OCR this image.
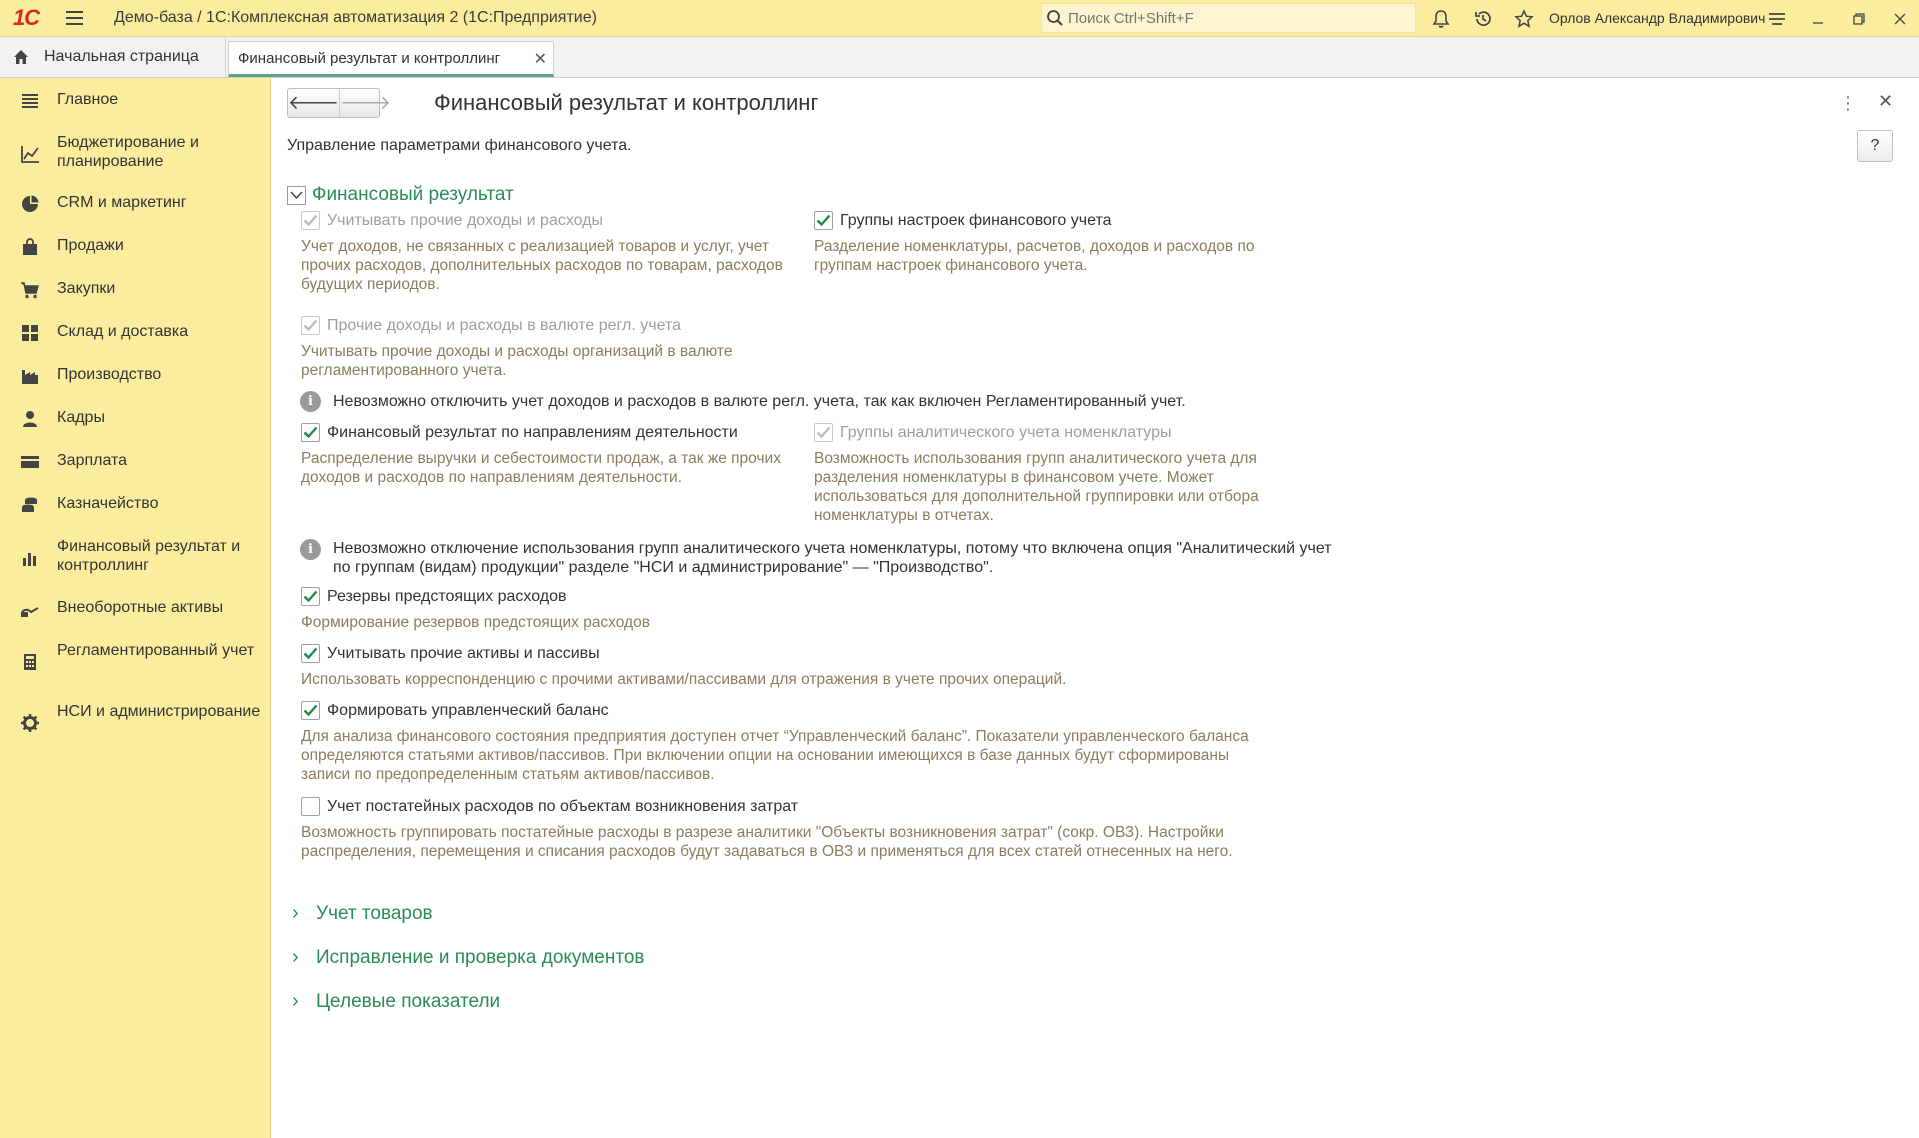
1С	Демо-база / 1С:Комплексная автоматизация 2 (1С:Предприятие)
Поиск Ctrl+Shift+F	Орлов Александр Владимирович
Начальная страница	Финансовый результат и контроллинг ✕
Главное
Бюджетирование и планирование
CRM и маркетинг
Продажи
Закупки
Склад и доставка
Производство
Кадры
Зарплата
Казначейство
Финансовый результат и контроллинг
Внеоборотные активы
Регламентированный учет
НСИ и администрирование
🡐 🡒 Финансовый результат и контроллинг	⋮ ✕
?
Управление параметрами финансового учета.
Финансовый результат
Учитывать прочие доходы и расходы
Учет доходов, не связанных с реализацией товаров и услуг, учет прочих расходов, дополнительных расходов по товарам, расходов будущих периодов.
Группы настроек финансового учета
Разделение номенклатуры, расчетов, доходов и расходов по группам настроек финансового учета.
Прочие доходы и расходы в валюте регл. учета
Учитывать прочие доходы и расходы организаций в валюте регламентированного учета.
i	Невозможно отключить учет доходов и расходов в валюте регл. учета, так как включен Регламентированный учет.
Финансовый результат по направлениям деятельности
Распределение выручки и себестоимости продаж, а так же прочих доходов и расходов по направлениям деятельности.
Группы аналитического учета номенклатуры
Возможность использования групп аналитического учета для разделения номенклатуры в финансовом учете. Может использоваться для дополнительной группировки или отбора номенклатуры в отчетах.
i	Невозможно отключение использования групп аналитического учета номенклатуры, потому что включена опция "Аналитический учет по группам (видам) продукции" разделе "НСИ и администрирование" — "Производство".
Резервы предстоящих расходов
Формирование резервов предстоящих расходов
Учитывать прочие активы и пассивы
Использовать корреспонденцию с прочими активами/пассивами для отражения в учете прочих операций.
Формировать управленческий баланс
Для анализа финансового состояния предприятия доступен отчет “Управленческий баланс”. Показатели управленческого баланса определяются статьями активов/пассивов. При включении опции на основании имеющихся в базе данных будут сформированы записи по предопределенным статьям активов/пассивов.
Учет постатейных расходов по объектам возникновения затрат
Возможность группировать постатейные расходы в разрезе аналитики "Объекты возникновения затрат" (сокр. ОВЗ). Настройки распределения, перемещения и списания расходов будут задаваться в ОВЗ и применяться для всех статей отнесенных на него.
› Учет товаров
› Исправление и проверка документов
› Целевые показатели
